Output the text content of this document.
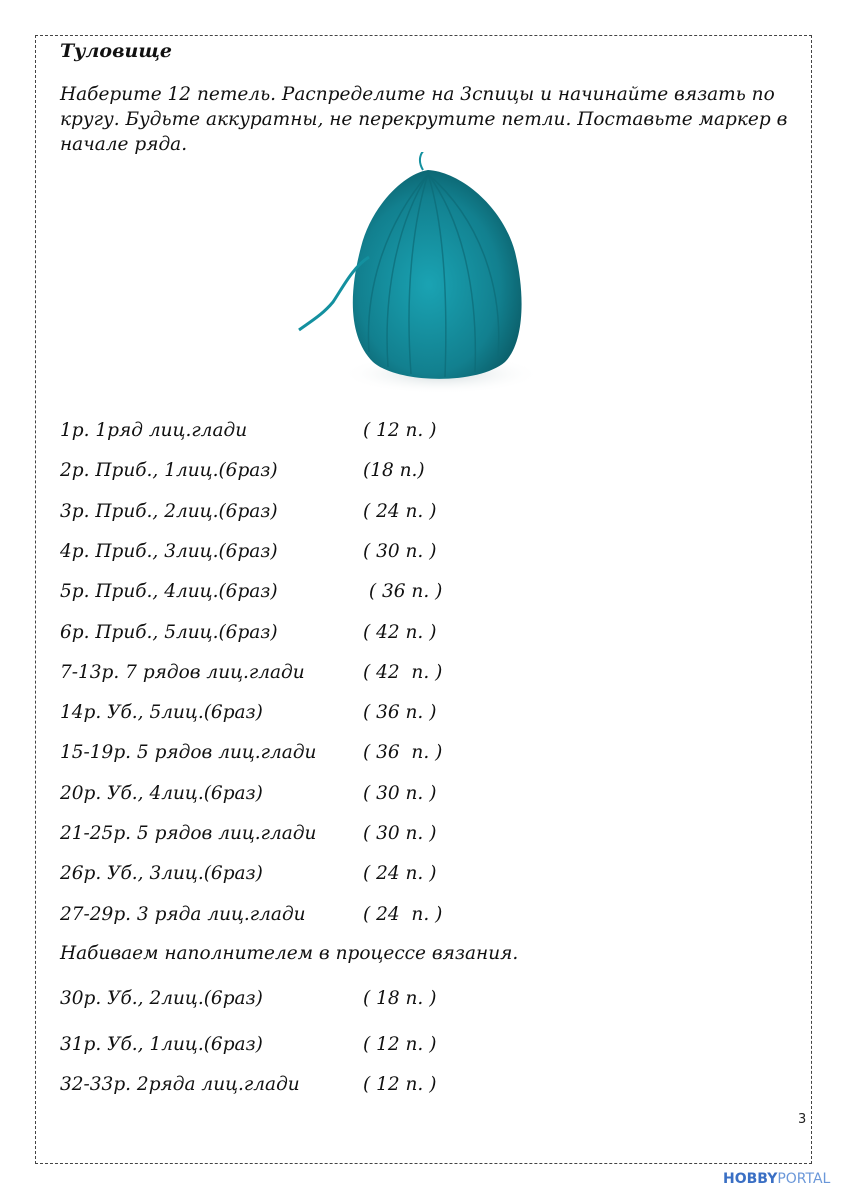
Туловище
Наберите 12 петель. Распределите на 3спицы и начинайте вязать по кругу. Будьте аккуратны, не перекрутите петли. Поставьте маркер в начале ряда.
1р. 1ряд лиц.глади	( 12 п. )
2р. Приб., 1лиц.(6раз)	(18 п.)
3р. Приб., 2лиц.(6раз)	( 24 п. )
4р. Приб., 3лиц.(6раз)	( 30 п. )
5р. Приб., 4лиц.(6раз)	( 36 п. )
6р. Приб., 5лиц.(6раз)	( 42 п. )
7-13р. 7 рядов лиц.глади	( 42  п. )
14р. Уб., 5лиц.(6раз)	( 36 п. )
15-19р. 5 рядов лиц.глади	( 36  п. )
20р. Уб., 4лиц.(6раз)	( 30 п. )
21-25р. 5 рядов лиц.глади	( 30 п. )
26р. Уб., 3лиц.(6раз)	( 24 п. )
27-29р. 3 ряда лиц.глади	( 24  п. )
Набиваем наполнителем в процессе вязания.
30р. Уб., 2лиц.(6раз)	( 18 п. )
31р. Уб., 1лиц.(6раз)	( 12 п. )
32-33р. 2ряда лиц.глади	( 12 п. )
3
HOBBYPORTAL
